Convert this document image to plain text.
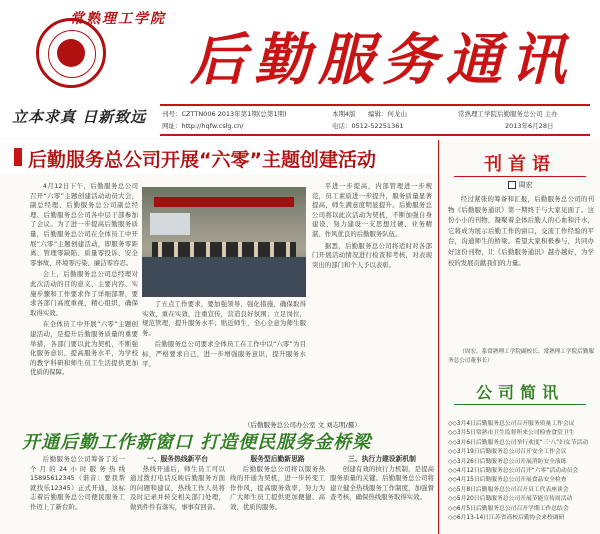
常熟理工学院
后勤服务通讯
立本求真 日新致远 刊号：CZTTN006 2013年第1期(总第1期)	本期4版 编辑：何龙山	常熟理工学院后勤服务总公司 主办
网址：http://hqfw.cslg.cn/	电话：0512-52251361	2013年6月28日
后勤服务总公司开展“六零”主题创建活动

4月12日下午，后勤服务总公司召开“六零”主题创建活动动员大会，副总经理、后勤服务总公司副总经理、后勤服务总公司各中层干部参加了会议。为了进一步提高后勤服务质量，后勤服务总公司在全体员工中开展“六零”主题创建活动，即服务零距离、管理零缺陷、质量零投诉、安全零事故、环境零污染、廉洁零容忍。

会上，后勤服务总公司总经理对此次活动的目的意义、主要内容、实施步骤和工作要求作了详细部署，要求各部门高度重视，精心组织，确保取得实效。

在全体员工中开展“六零”主题创建活动，是提升后勤服务质量的重要举措，各部门要以此为契机，不断强化服务意识，提高服务水平，为学校的教学科研和师生员工生活提供更加优质的保障。

了五点工作要求，要加强领导、强化措施，确保取得实效，重在实效，注重宣传，营造良好氛围；立足岗位，规范管理，提升服务水平；贴近师生，全心全意为师生服务。

后勤服务总公司要求全体员工在工作中以“六零”为目标，严格要求自己，进一步增强服务意识，提升服务水平。

平进一步提高，内部管理进一步规范，员工素质进一步提升，服务质量显著提高，师生满意度明显提升。后勤服务总公司将以此次活动为契机，不断加强自身建设，努力建设一支思想过硬、业务精湛、作风优良的后勤服务队伍。

据悉，后勤服务总公司将适时对各部门开展活动情况进行检查和考核，对表现突出的部门和个人予以表彰。

（后勤服务总公司办公室 文 刘志明/摄）
刊首语
周宏

经过紧张的筹备和汇报，后勤服务总公司的刊物《后勤服务通讯》第一期终于与大家见面了。这份小小的刊物，凝聚着全体后勤人的心血和汗水，它将成为展示后勤工作的窗口，交流工作经验的平台，沟通师生的桥梁。希望大家积极参与，共同办好这份刊物，让《后勤服务通讯》越办越好，为学校的发展贡献我们的力量。

（周宏，系常熟理工学院副校长、常熟理工学院后勤服务总公司董事长）

公司简讯
◇◇3月4日后勤服务总公司召开服务质量工作会议
◇◇3月5日常熟市卫生监督所来公司检查食堂卫生
◇◇3月6日后勤服务总公司举行欢度“三·八”妇女节活动
◇◇3月19日后勤服务总公司召开安全工作会议
◇◇3月26日后勤服务总公司开展消防安全演练
◇◇4月12日后勤服务总公司召开“六零”活动动员会
◇◇4月15日后勤服务总公司开展食品安全检查
◇◇5月8日后勤服务总公司召开员工代表座谈会
◇◇5月20日后勤服务总公司开展节能宣传周活动
◇◇6月5日后勤服务总公司召开学期工作总结会
◇◇6月13-14日江苏省高校后勤协会来校调研
开通后勤工作新窗口 打造便民服务金桥梁

后勤服务总公司筹备了近一个月的24小时服务热线15895612345（谐音：要我帮就找乐12345）正式开通，这标志着后勤服务总公司便民服务工作迈上了新台阶。

一、服务热线新平台

热线开通后，师生员工可以通过拨打电话反映后勤服务方面的问题和建议，热线工作人员将及时记录并转交相关部门处理，做到件件有落实，事事有回音。

服务型后勤新思路

后勤服务总公司将以服务热线的开通为契机，进一步转变工作作风，提高服务效率，努力为广大师生员工提供更加便捷、高效、优质的服务。

三、执行力建设新机制

创建有效的执行力机制，是提高服务质量的关键。后勤服务总公司将建立健全热线服务工作制度，加强督查考核，确保热线服务取得实效。
